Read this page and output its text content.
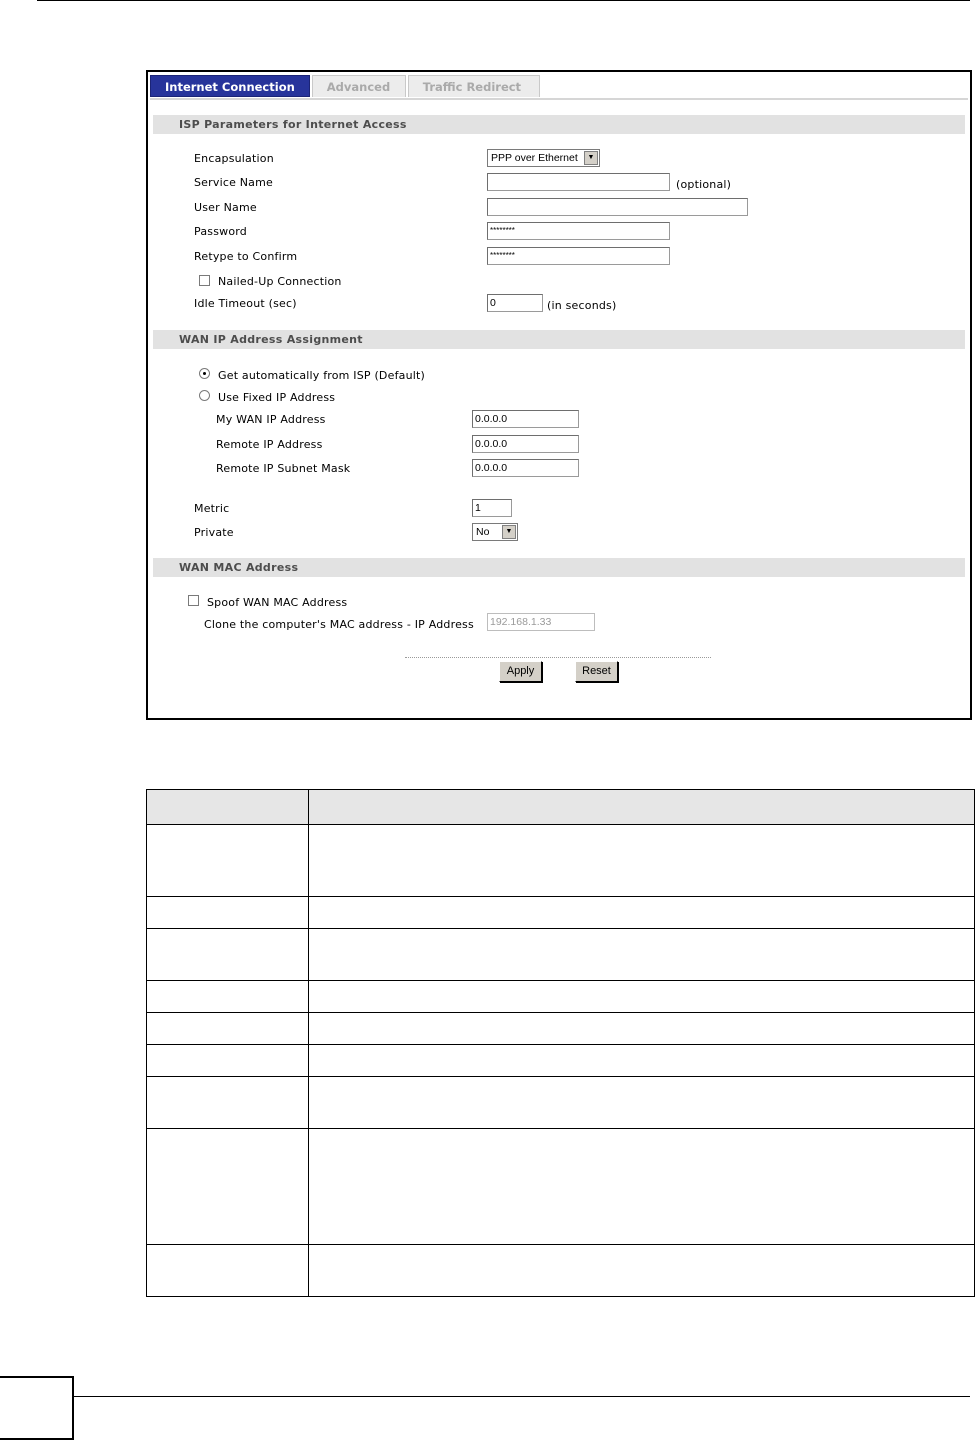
Internet Connection	Advanced	Traffic Redirect
ISP Parameters for Internet Access
Encapsulation	PPP over Ethernet	▼
Service Name	(optional)
User Name
Password	********
Retype to Confirm	********
Nailed-Up Connection
Idle Timeout (sec)	0	(in seconds)
WAN IP Address Assignment
Get automatically from ISP (Default)
Use Fixed IP Address
My WAN IP Address	0.0.0.0
Remote IP Address	0.0.0.0
Remote IP Subnet Mask	0.0.0.0
Metric	1
Private	No	▼
WAN MAC Address
Spoof WAN MAC Address
Clone the computer's MAC address - IP Address 192.168.1.33
Apply	Reset
